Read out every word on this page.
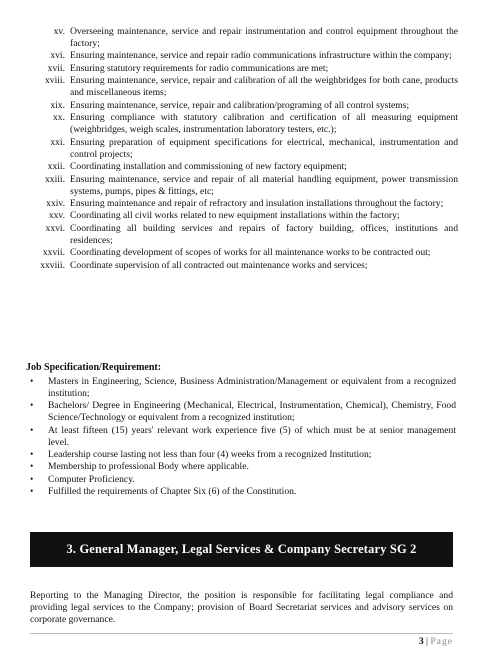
xv. Overseeing maintenance, service and repair instrumentation and control equipment throughout the factory;
xvi. Ensuring maintenance, service and repair radio communications infrastructure within the company;
xvii. Ensuring statutory requirements for radio communications are met;
xviii. Ensuring maintenance, service, repair and calibration of all the weighbridges for both cane, products and miscellaneous items;
xix. Ensuring maintenance, service, repair and calibration/programing of all control systems;
xx. Ensuring compliance with statutory calibration and certification of all measuring equipment (weighbridges, weigh scales, instrumentation laboratory testers, etc.);
xxi. Ensuring preparation of equipment specifications for electrical, mechanical, instrumentation and control projects;
xxii. Coordinating installation and commissioning of new factory equipment;
xxiii. Ensuring maintenance, service and repair of all material handling equipment, power transmission systems, pumps, pipes & fittings, etc;
xxiv. Ensuring maintenance and repair of refractory and insulation installations throughout the factory;
xxv. Coordinating all civil works related to new equipment installations within the factory;
xxvi. Coordinating all building services and repairs of factory building, offices, institutions and residences;
xxvii. Coordinating development of scopes of works for all maintenance works to be contracted out;
xxviii. Coordinate supervision of all contracted out maintenance works and services;
Job Specification/Requirement:
•	Masters in Engineering, Science, Business Administration/Management or equivalent from a recognized institution;
•	Bachelors/ Degree in Engineering (Mechanical, Electrical, Instrumentation, Chemical), Chemistry, Food Science/Technology or equivalent from a recognized institution;
•	At least fifteen (15) years' relevant work experience five (5) of which must be at senior management level.
•	Leadership course lasting not less than four (4) weeks from a recognized Institution;
•	Membership to professional Body where applicable.
•	Computer Proficiency.
•	Fulfilled the requirements of Chapter Six (6) of the Constitution.
3. General Manager, Legal Services & Company Secretary SG 2
Reporting to the Managing Director, the position is responsible for facilitating legal compliance and providing legal services to the Company; provision of Board Secretariat services and advisory services on corporate governance.
3 | Page
